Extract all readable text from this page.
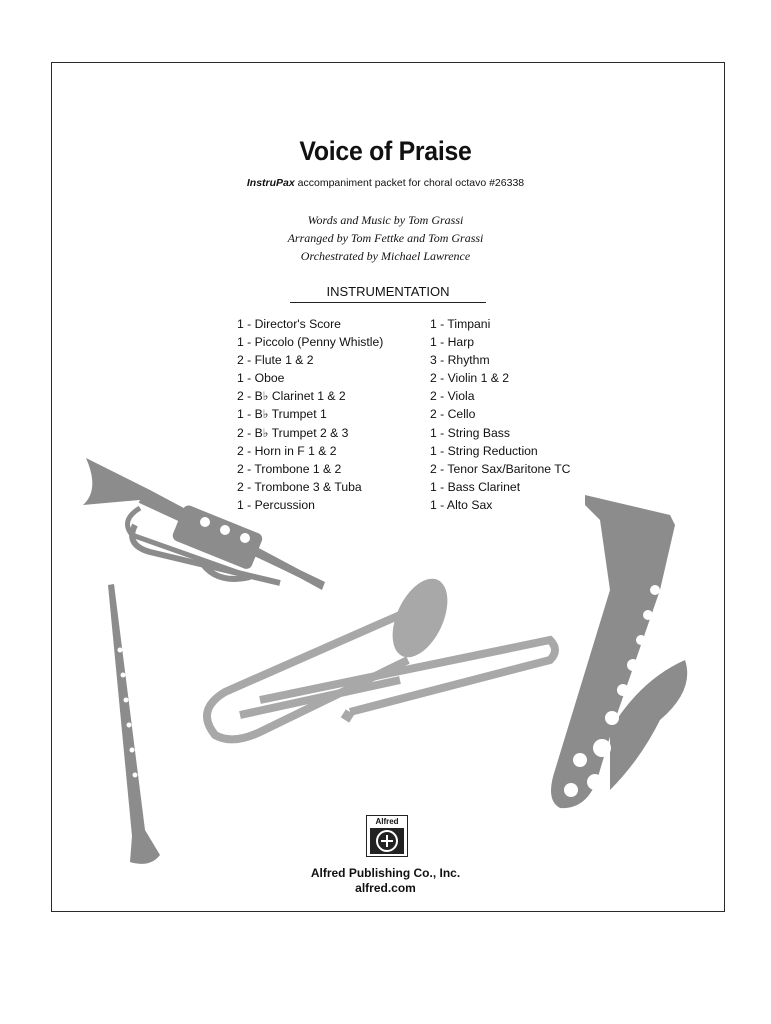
Voice of Praise
InstruPax accompaniment packet for choral octavo #26338
Words and Music by Tom Grassi
Arranged by Tom Fettke and Tom Grassi
Orchestrated by Michael Lawrence
INSTRUMENTATION
1 - Director's Score
1 - Piccolo (Penny Whistle)
2 - Flute 1 & 2
1 - Oboe
2 - B♭ Clarinet 1 & 2
1 - B♭ Trumpet 1
2 - B♭ Trumpet 2 & 3
2 - Horn in F 1 & 2
2 - Trombone 1 & 2
2 - Trombone 3 & Tuba
1 - Percussion
1 - Timpani
1 - Harp
3 - Rhythm
2 - Violin 1 & 2
2 - Viola
2 - Cello
1 - String Bass
1 - String Reduction
2 - Tenor Sax/Baritone TC
1 - Bass Clarinet
1 - Alto Sax
Alfred
Alfred Publishing Co., Inc.
alfred.com
